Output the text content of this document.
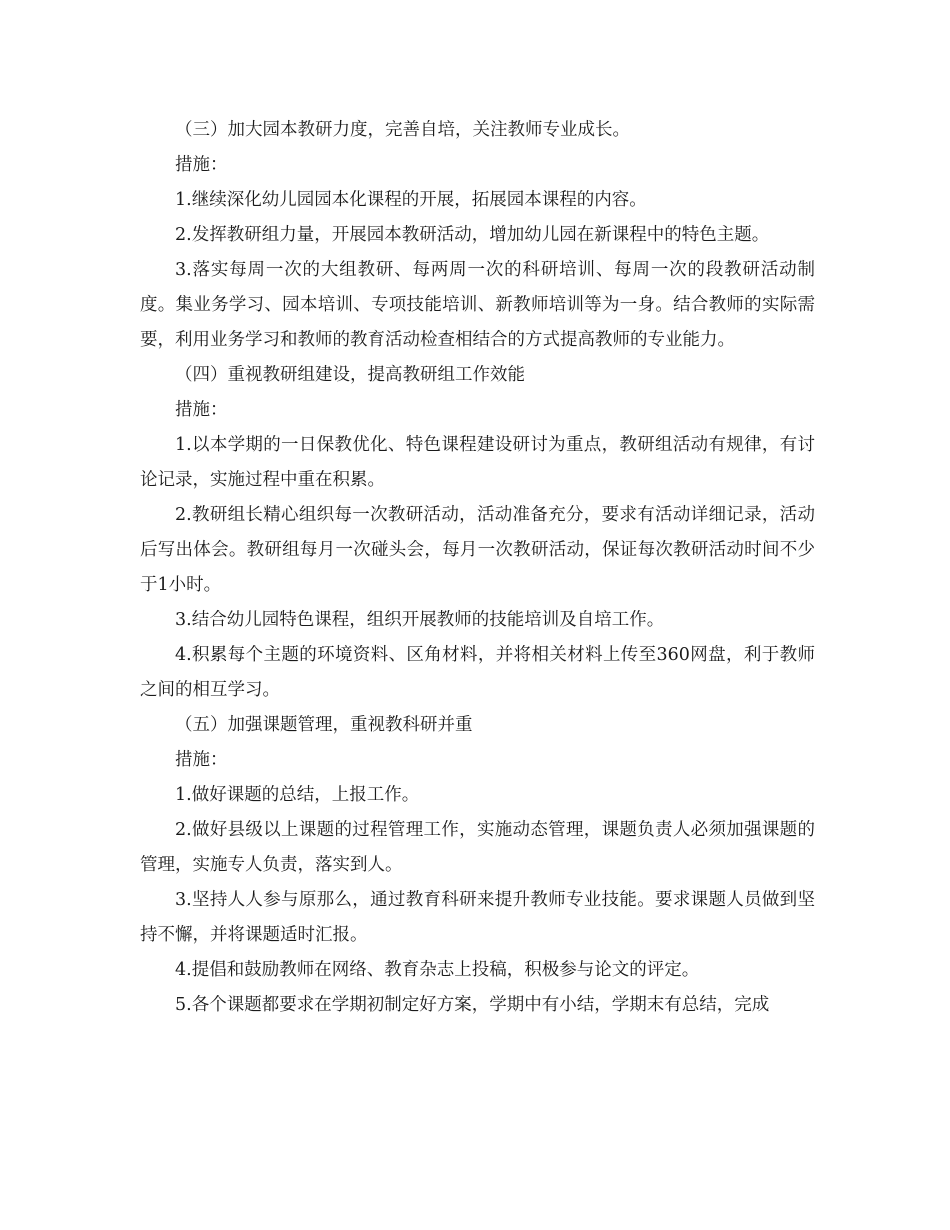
（三）加大园本教研力度，完善自培，关注教师专业成长。

措施：

1.继续深化幼儿园园本化课程的开展，拓展园本课程的内容。

2.发挥教研组力量，开展园本教研活动，增加幼儿园在新课程中的特色主题。

3.落实每周一次的大组教研、每两周一次的科研培训、每周一次的段教研活动制度。集业务学习、园本培训、专项技能培训、新教师培训等为一身。结合教师的实际需要，利用业务学习和教师的教育活动检查相结合的方式提高教师的专业能力。

（四）重视教研组建设，提高教研组工作效能

措施：

1.以本学期的一日保教优化、特色课程建设研讨为重点，教研组活动有规律，有讨论记录，实施过程中重在积累。

2.教研组长精心组织每一次教研活动，活动准备充分，要求有活动详细记录，活动后写出体会。教研组每月一次碰头会，每月一次教研活动，保证每次教研活动时间不少于1小时。

3.结合幼儿园特色课程，组织开展教师的技能培训及自培工作。

4.积累每个主题的环境资料、区角材料，并将相关材料上传至360网盘，利于教师之间的相互学习。

（五）加强课题管理，重视教科研并重

措施：

1.做好课题的总结，上报工作。

2.做好县级以上课题的过程管理工作，实施动态管理，课题负责人必须加强课题的管理，实施专人负责，落实到人。

3.坚持人人参与原那么，通过教育科研来提升教师专业技能。要求课题人员做到坚持不懈，并将课题适时汇报。

4.提倡和鼓励教师在网络、教育杂志上投稿，积极参与论文的评定。

5.各个课题都要求在学期初制定好方案，学期中有小结，学期末有总结，完成
